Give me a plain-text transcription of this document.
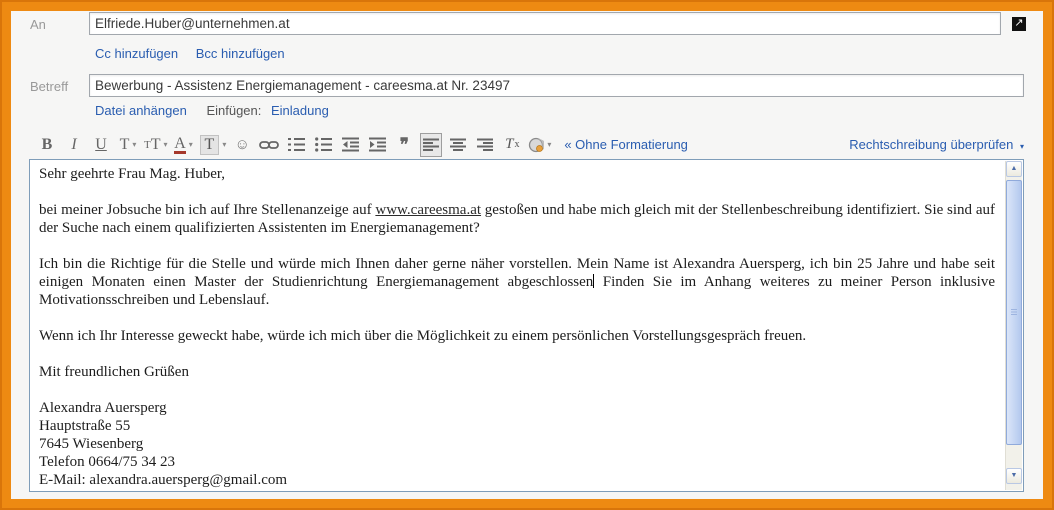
An
Elfriede.Huber@unternehmen.at	↗
Cc hinzufügen Bcc hinzufügen
Betreff
Bewerbung - Assistenz Energiemanagement - careesma.at Nr. 23497
Datei anhängen Einfügen: Einladung
B I U T ▾ T T ▾ A ▾ T	▾ ☺	❞	T x	▾ « Ohne Formatierung	Rechtschreibung überprüfen ▾
Sehr geehrte Frau Mag. Huber,

bei meiner Jobsuche bin ich auf Ihre Stellenanzeige auf www.careesma.at gestoßen und habe mich gleich mit der Stellenbeschreibung identifiziert. Sie sind auf der Suche nach einem qualifizierten Assistenten im Energiemanagement?

Ich bin die Richtige für die Stelle und würde mich Ihnen daher gerne näher vorstellen. Mein Name ist Alexandra Auersperg, ich bin 25 Jahre und habe seit einigen Monaten einen Master der Studienrichtung Energiemanagement abgeschlossen Finden Sie im Anhang weiteres zu meiner Person inklusive Motivationsschreiben und Lebenslauf.

Wenn ich Ihr Interesse geweckt habe, würde ich mich über die Möglichkeit zu einem persönlichen Vorstellungsgespräch freuen.

Mit freundlichen Grüßen

Alexandra Auersperg
Hauptstraße 55
7645 Wiesenberg
Telefon 0664/75 34 23
E-Mail: alexandra.auersperg@gmail.com
▲
▼
